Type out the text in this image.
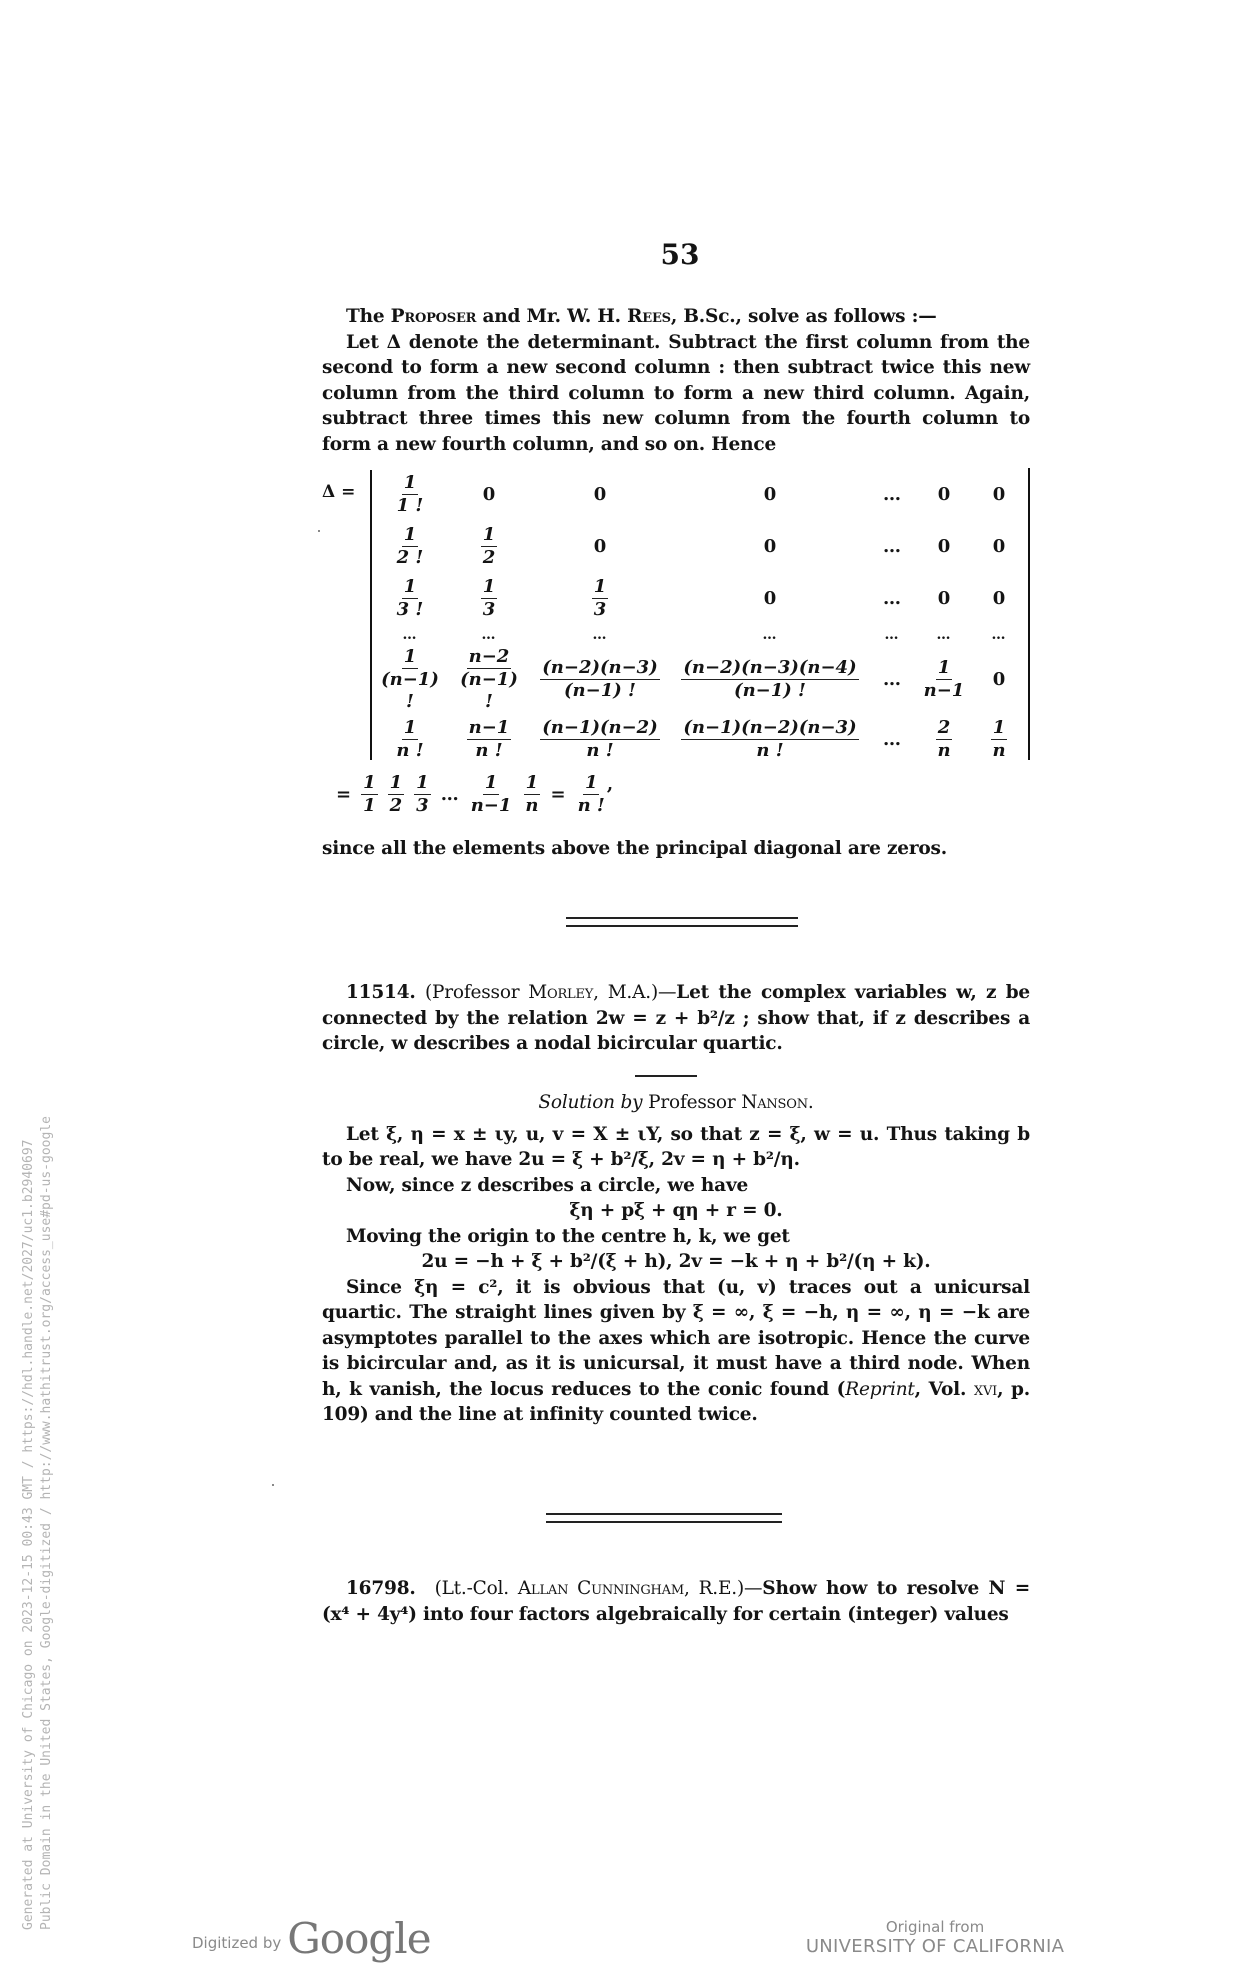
53

The Proposer and Mr. W. H. Rees, B.Sc., solve as follows :—

Let Δ denote the determinant. Subtract the first column from the second to form a new second column : then subtract twice this new column from the third column to form a new third column. Again, subtract three times this new column from the fourth column to form a new fourth column, and so on. Hence

$\Delta = \frac{1}{1 !}$	0	0	0	…	0	0

$\frac{1}{2 !}$	$\frac{1}{2}$	0	0	…	0	0

$\frac{1}{3 !}$	$\frac{1}{3}$	$\frac{1}{3}$	0	…	0	0
…	…	…	…	…	…	…

$\frac{1}{(n-1) !}$	$\frac{n-2}{(n-1) !}$	$\frac{(n-2)(n-3)}{(n-1) !}$	$\frac{(n-2)(n-3)(n-4)}{(n-1) !}$	…	$\frac{1}{n-1}$	0

$\frac{1}{n !}$	$\frac{n-1}{n !}$	$\frac{(n-1)(n-2)}{n !}$	$\frac{(n-1)(n-2)(n-3)}{n !}$	…	$\frac{2}{n}$	$\frac{1}{n}$
= $\frac{1}{1} \frac{1}{2} \frac{1}{3}$ … $\frac{1}{n-1} \frac{1}{n} = \frac{1}{n !}$ ,

since all the elements above the principal diagonal are zeros.

11514. (Professor Morley, M.A.)—Let the complex variables w, z be connected by the relation 2w = z + b²/z ; show that, if z describes a circle, w describes a nodal bicircular quartic.

Solution by Professor Nanson.

Let ξ, η = x ± ιy, u, v = X ± ιY, so that z = ξ, w = u. Thus taking b to be real, we have 2u = ξ + b²/ξ, 2v = η + b²/η.

Now, since z describes a circle, we have

ξη + pξ + qη + r = 0.

Moving the origin to the centre h, k, we get

2u = −h + ξ + b²/(ξ + h), 2v = −k + η + b²/(η + k).

Since ξη = c², it is obvious that (u, v) traces out a unicursal quartic. The straight lines given by ξ = ∞, ξ = −h, η = ∞, η = −k are asymptotes parallel to the axes which are isotropic. Hence the curve is bicircular and, as it is unicursal, it must have a third node. When h, k vanish, the locus reduces to the conic found (Reprint, Vol. xvi, p. 109) and the line at infinity counted twice.

16798. (Lt.-Col. Allan Cunningham, R.E.)—Show how to resolve N = (x⁴ + 4y⁴) into four factors algebraically for certain (integer) values

Generated at University of Chicago on 2023-12-15 00:43 GMT / https://hdl.handle.net/2027/uc1.b2940697 Public Domain in the United States, Google-digitized / http://www.hathitrust.org/access_use#pd-us-google
Digitized by Google	Original from
UNIVERSITY OF CALIFORNIA
